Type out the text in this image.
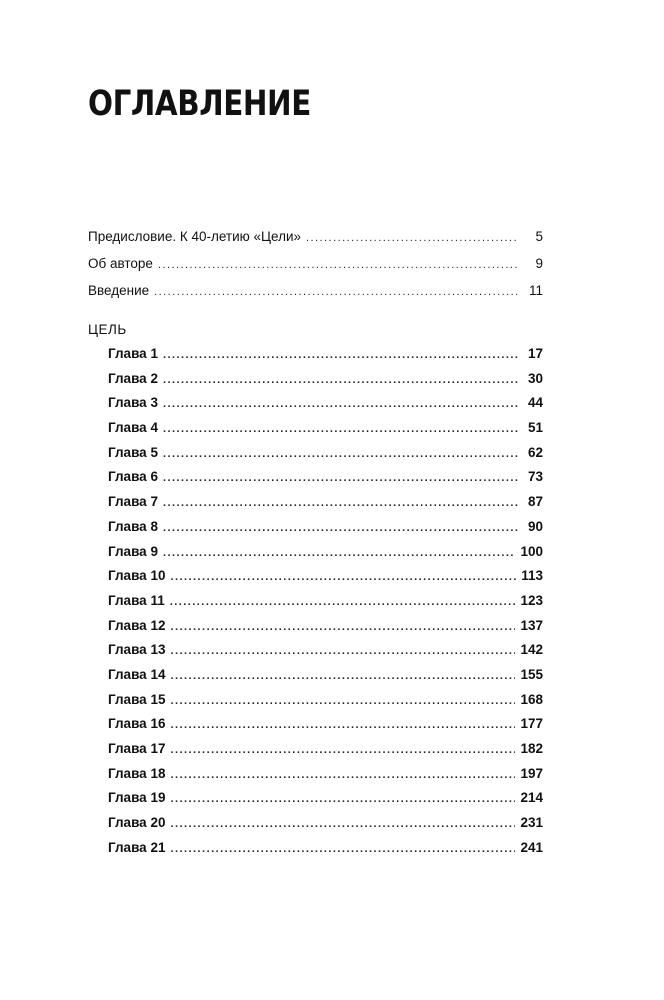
ОГЛАВЛЕНИЕ
Предисловие. К 40-летию «Цели» . . .	5
Об авторе . . .	9
Введение . . .	11
ЦЕЛЬ
Глава 1 . . .	17
Глава 2 . . .	30
Глава 3 . . .	44
Глава 4 . . .	51
Глава 5 . . .	62
Глава 6 . . .	73
Глава 7 . . .	87
Глава 8 . . .	90
Глава 9 . . .	100
Глава 10 . . .	113
Глава 11 . . .	123
Глава 12 . . .	137
Глава 13 . . .	142
Глава 14 . . .	155
Глава 15 . . .	168
Глава 16 . . .	177
Глава 17 . . .	182
Глава 18 . . .	197
Глава 19 . . .	214
Глава 20 . . .	231
Глава 21 . . .	241
